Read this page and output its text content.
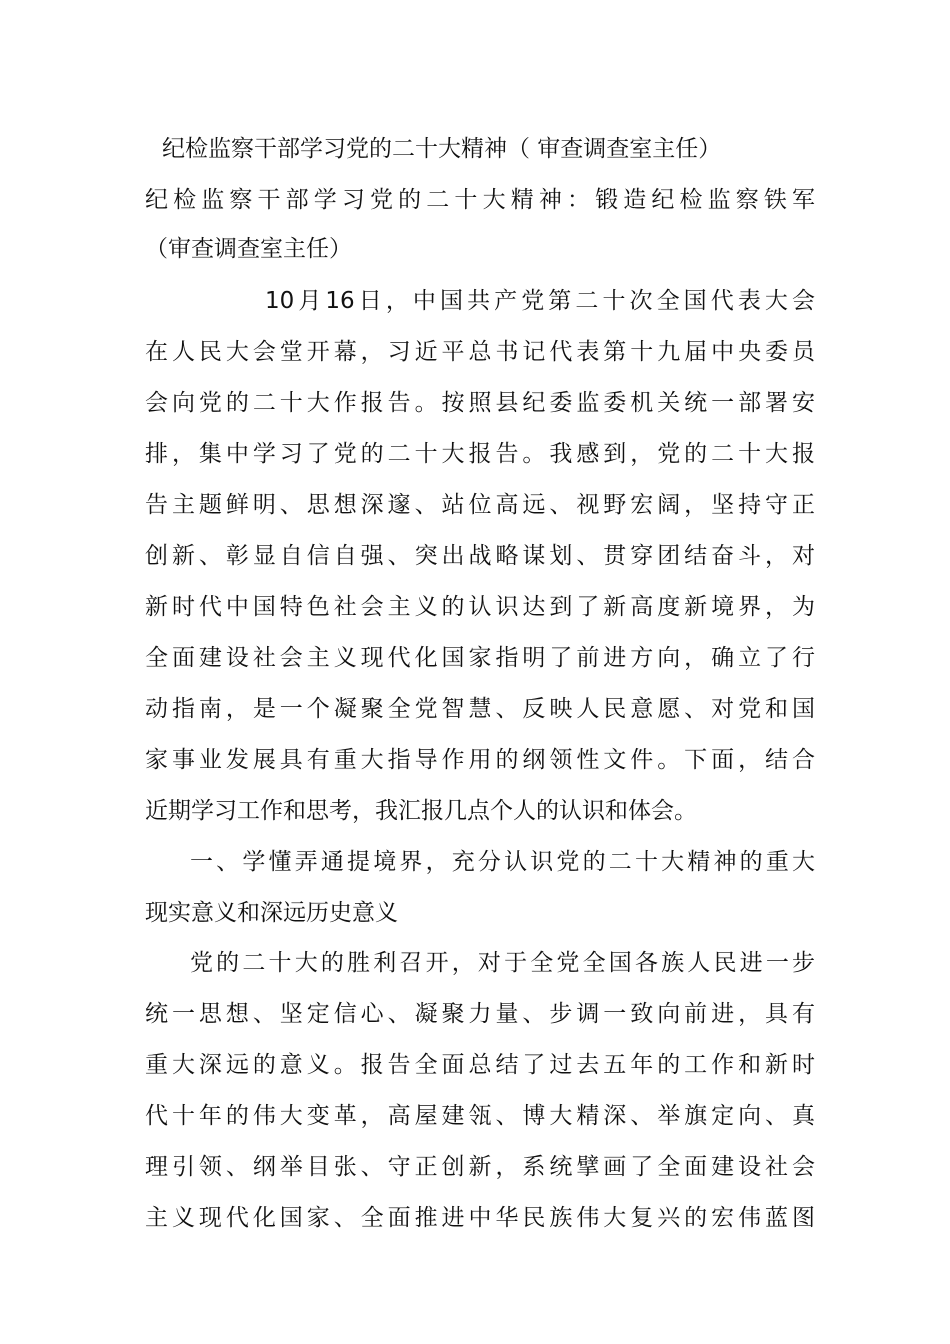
纪检监察干部学习党的二十大精神（ 审查调查室主任）
纪检监察干部学习党的二十大精神：锻造纪检监察铁军
（审查调查室主任）
10月16日，中国共产党第二十次全国代表大会
在人民大会堂开幕，习近平总书记代表第十九届中央委员
会向党的二十大作报告。按照县纪委监委机关统一部署安
排，集中学习了党的二十大报告。我感到，党的二十大报
告主题鲜明、思想深邃、站位高远、视野宏阔，坚持守正
创新、彰显自信自强、突出战略谋划、贯穿团结奋斗，对
新时代中国特色社会主义的认识达到了新高度新境界，为
全面建设社会主义现代化国家指明了前进方向，确立了行
动指南，是一个凝聚全党智慧、反映人民意愿、对党和国
家事业发展具有重大指导作用的纲领性文件。下面，结合
近期学习工作和思考，我汇报几点个人的认识和体会。
一、学懂弄通提境界，充分认识党的二十大精神的重大
现实意义和深远历史意义
党的二十大的胜利召开，对于全党全国各族人民进一步
统一思想、坚定信心、凝聚力量、步调一致向前进，具有
重大深远的意义。报告全面总结了过去五年的工作和新时
代十年的伟大变革，高屋建瓴、博大精深、举旗定向、真
理引领、纲举目张、守正创新，系统擘画了全面建设社会
主义现代化国家、全面推进中华民族伟大复兴的宏伟蓝图
